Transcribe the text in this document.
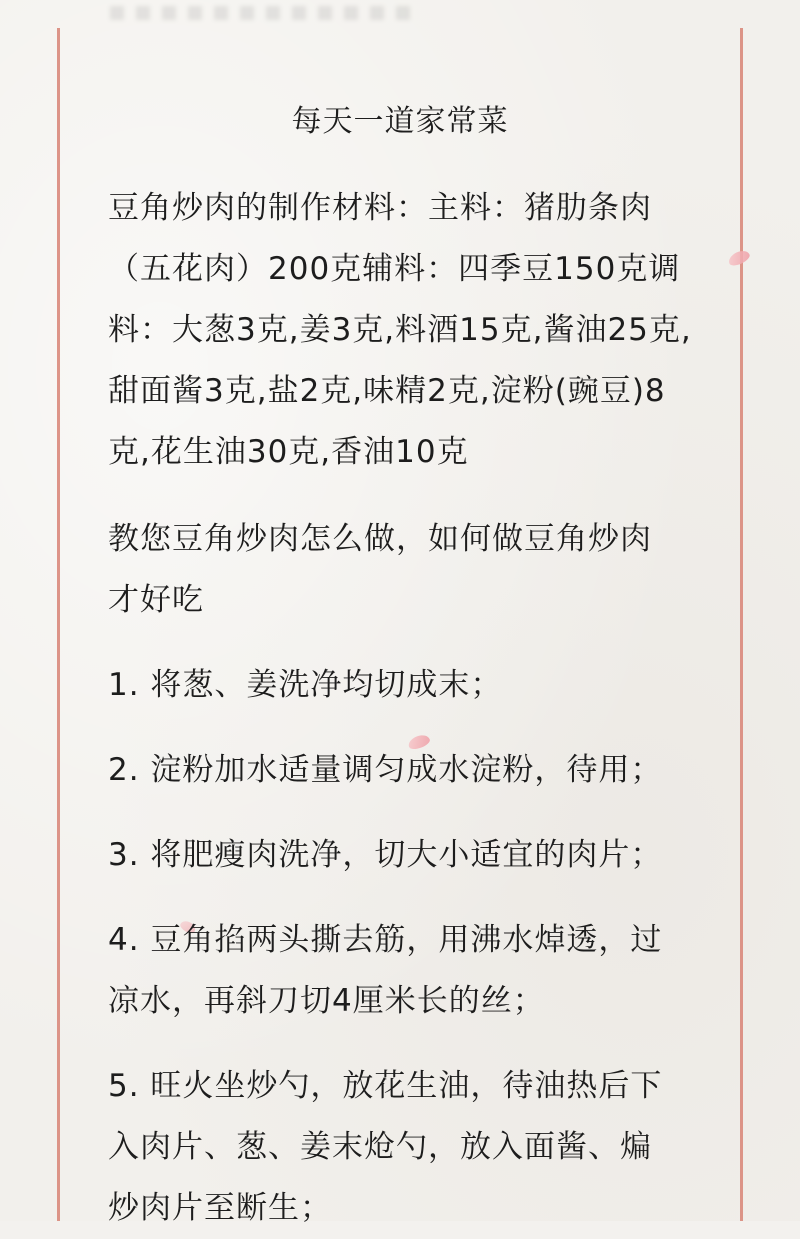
每天一道家常菜

豆角炒肉的制作材料：主料：猪肋条肉

（五花肉）200克辅料：四季豆150克调

料：大葱3克,姜3克,料酒15克,酱油25克,

甜面酱3克,盐2克,味精2克,淀粉(豌豆)8

克,花生油30克,香油10克

教您豆角炒肉怎么做，如何做豆角炒肉

才好吃

1. 将葱、姜洗净均切成末；

2. 淀粉加水适量调匀成水淀粉，待用；

3. 将肥瘦肉洗净，切大小适宜的肉片；

4. 豆角掐两头撕去筋，用沸水焯透，过

凉水，再斜刀切4厘米长的丝；

5. 旺火坐炒勺，放花生油，待油热后下

入肉片、葱、姜末炝勺，放入面酱、煸

炒肉片至断生；
